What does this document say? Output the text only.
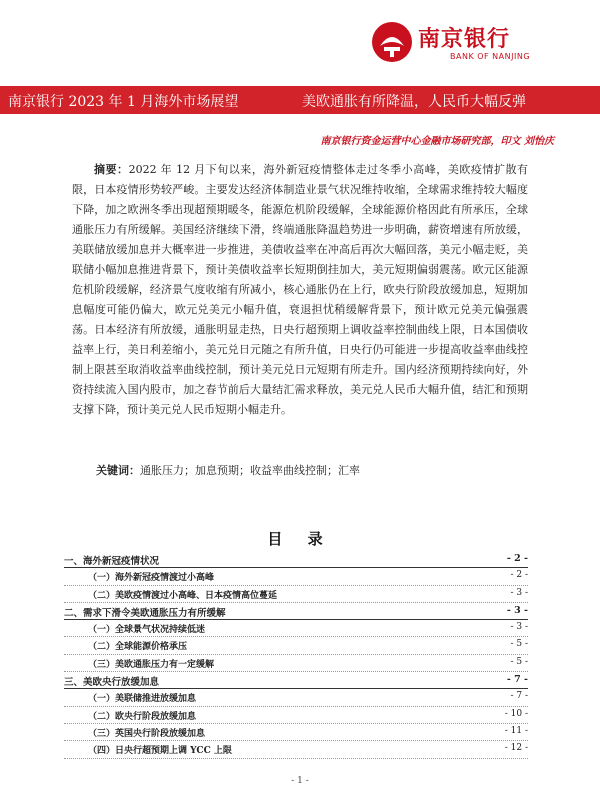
南京银行
BANK OF NANJING
南京银行 2023 年 1 月海外市场展望	美欧通胀有所降温，人民币大幅反弹
南京银行资金运营中心金融市场研究部，印文 刘怡庆
摘要：2022 年 12 月下旬以来，海外新冠疫情整体走过冬季小高峰，美欧疫情扩散有限，日本疫情形势较严峻。主要发达经济体制造业景气状况维持收缩，全球需求维持较大幅度下降，加之欧洲冬季出现超预期暖冬，能源危机阶段缓解，全球能源价格因此有所承压，全球通胀压力有所缓解。美国经济继续下滑，终端通胀降温趋势进一步明确，薪资增速有所放缓，美联储放缓加息并大概率进一步推进，美债收益率在冲高后再次大幅回落，美元小幅走贬，美联储小幅加息推进背景下，预计美债收益率长短期倒挂加大，美元短期偏弱震荡。欧元区能源危机阶段缓解，经济景气度收缩有所减小，核心通胀仍在上行，欧央行阶段放缓加息，短期加息幅度可能仍偏大，欧元兑美元小幅升值，衰退担忧稍缓解背景下，预计欧元兑美元偏强震荡。日本经济有所放缓，通胀明显走热，日央行超预期上调收益率控制曲线上限，日本国债收益率上行，美日利差缩小，美元兑日元随之有所升值，日央行仍可能进一步提高收益率曲线控制上限甚至取消收益率曲线控制，预计美元兑日元短期有所走升。国内经济预期持续向好，外资持续流入国内股市，加之春节前后大量结汇需求释放，美元兑人民币大幅升值，结汇和预期支撑下降，预计美元兑人民币短期小幅走升。
关键词：通胀压力；加息预期；收益率曲线控制；汇率
目 录
一、海外新冠疫情状况	- 2 -
（一）海外新冠疫情渡过小高峰	- 2 -
（二）美欧疫情渡过小高峰、日本疫情高位蔓延	- 3 -
二、需求下滑令美欧通胀压力有所缓解	- 3 -
（一）全球景气状况持续低迷	- 3 -
（二）全球能源价格承压	- 5 -
（三）美欧通胀压力有一定缓解	- 5 -
三、美欧央行放缓加息	- 7 -
（一）美联储推进放缓加息	- 7 -
（二）欧央行阶段放缓加息	- 10 -
（三）英国央行阶段放缓加息	- 11 -
（四）日央行超预期上调 YCC 上限	- 12 -
- 1 -
